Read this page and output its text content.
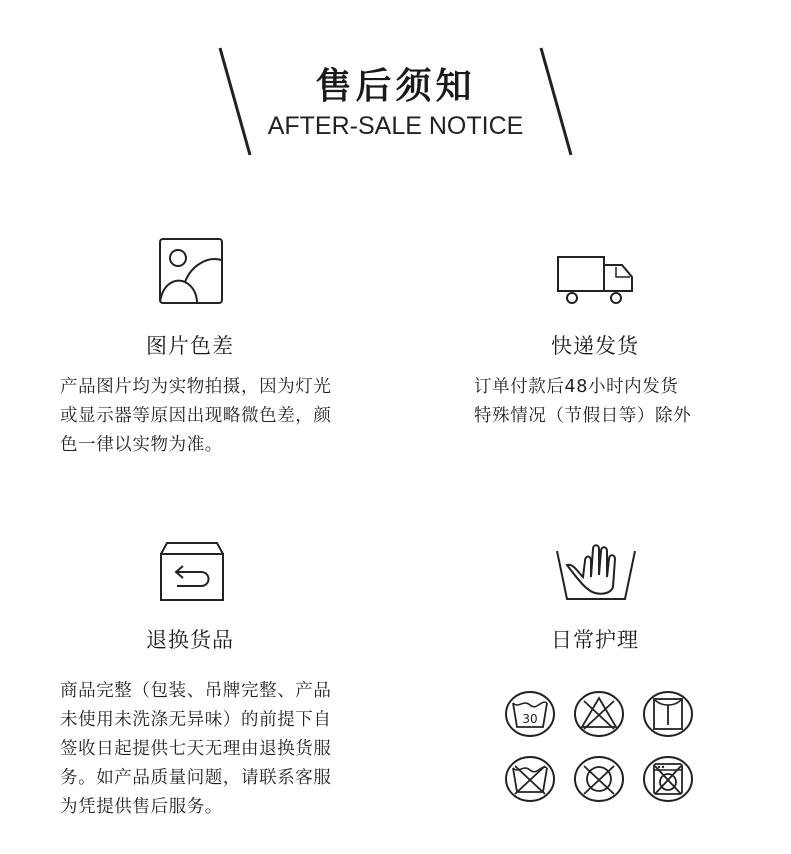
售后须知
AFTER-SALE NOTICE
图片色差
产品图片均为实物拍摄，因为灯光
或显示器等原因出现略微色差，颜
色一律以实物为准。
快递发货
订单付款后48小时内发货
特殊情况（节假日等）除外
退换货品
商品完整（包装、吊牌完整、产品
未使用未洗涤无异味）的前提下自
签收日起提供七天无理由退换货服
务。如产品质量问题，请联系客服
为凭提供售后服务。
日常护理
30
